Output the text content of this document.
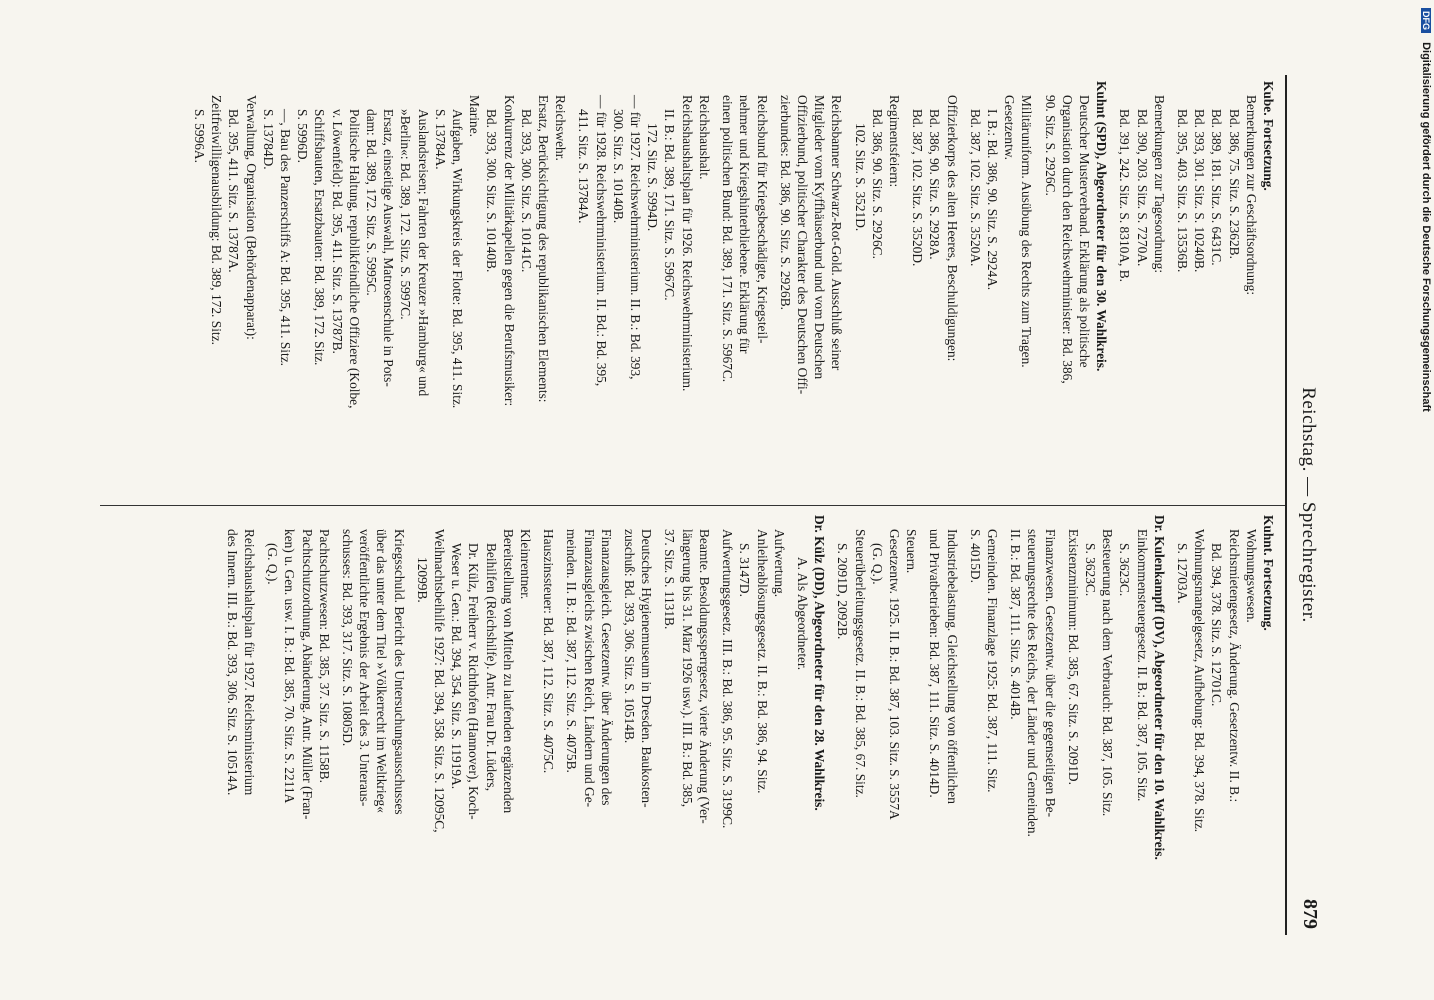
Reichstag. — Sprechregister.
879
Kube. Fortsetzung.
Bemerkungen zur Geschäftsordnung:
Bd. 386, 75. Sitz. S. 2362B.
Bd. 389, 181. Sitz. S. 6431C.
Bd. 393, 301. Sitz. S. 10240B.
Bd. 395, 403. Sitz. S. 13536B.
Bemerkungen zur Tagesordnung:
Bd. 390, 203. Sitz. S. 7270A.
Bd. 391, 242. Sitz. S. 8310A, B.
Kuhnt (SPD), Abgeordneter für den 30. Wahlkreis.
Deutscher Musterverband. Erklärung als politische
Organisation durch den Reichswehrminister: Bd. 386,
90. Sitz. S. 2926C.
Militäruniform. Ausübung des Rechts zum Tragen.
Gesetzentw.
I. B.: Bd. 386, 90. Sitz. S. 2924A.
Bd. 387, 102. Sitz. S. 3520A.
Offizierkorps des alten Heeres, Beschuldigungen:
Bd. 386, 90. Sitz. S. 2928A.
Bd. 387, 102. Sitz. S. 3520D.
Regimentsfeiern:
Bd. 386, 90. Sitz. S. 2926C.
102. Sitz. S. 3521D.
Reichsbanner Schwarz-Rot-Gold. Ausschluß seiner
Mitglieder vom Kyffhäuserbund und vom Deutschen
Offizierbund, politischer Charakter des Deutschen Offi-
zierbundes: Bd. 386, 90. Sitz. S. 2926B.
Reichsbund für Kriegsbeschädigte, Kriegsteil-
nehmer und Kriegshinterbliebene. Erklärung für
einen politischen Bund: Bd. 389, 171. Sitz. S. 5967C.
Reichshaushalt.
Reichshaushaltsplan für 1926. Reichswehrministerium.
II. B.: Bd. 389, 171. Sitz. S. 5967C.
172. Sitz. S. 5994D.
— für 1927. Reichswehrministerium. II. B.: Bd. 393,
300. Sitz. S. 10140B.
— für 1928. Reichswehrministerium. II. Bd.: Bd. 395,
411. Sitz. S. 13784A.
Reichswehr.
Ersatz, Berücksichtigung des republikanischen Elements:
Bd. 393, 300. Sitz. S. 10141C.
Konkurrenz der Militärkapellen gegen die Berufsmusiker:
Bd. 393, 300. Sitz. S. 10140B.
Marine.
Aufgaben, Wirkungskreis der Flotte: Bd. 395, 411. Sitz.
S. 13784A.
Auslandsreisen; Fahrten der Kreuzer »Hamburg« und
»Berlin«: Bd. 389, 172. Sitz. S. 5997C.
Ersatz, einseitige Auswahl, Matrosenschule in Pots-
dam: Bd. 389, 172. Sitz. S. 5995C.
Politische Haltung, republikfeindliche Offiziere (Kolbe,
v. Löwenfeld): Bd. 395, 411. Sitz. S. 13787B.
Schiffsbauten, Ersatzbauten: Bd. 389, 172. Sitz.
S. 5996D.
—, Bau des Panzerschiffs A: Bd. 395, 411. Sitz.
S. 13784D.
Verwaltung, Organisation (Behördenapparat):
Bd. 395, 411. Sitz. S. 13787A.
Zeitfreiwilligenausbildung: Bd. 389, 172. Sitz.
S. 5996A.
Kuhnt. Fortsetzung.
Wohnungswesen.
Reichsmietengesetz, Änderung. Gesetzentw. II. B.:
Bd. 394, 378. Sitz. S. 12701C.
Wohnungsmangelgesetz, Aufhebung: Bd. 394, 378. Sitz.
S. 12703A.
Dr. Kulenkampff (DV), Abgeordneter für den 10. Wahlkreis.
Einkommensteuergesetz. II. B.: Bd. 387, 105. Sitz.
S. 3623C.
Besteuerung nach dem Verbrauch: Bd. 387, 105. Sitz.
S. 3623C.
Existenzminimum: Bd. 385, 67. Sitz. S. 2091D.
Finanzwesen. Gesetzentw. über die gegenseitigen Be-
steuerungsrechte des Reichs, der Länder und Gemeinden.
II. B.: Bd. 387, 111. Sitz. S. 4014B.
Gemeinden. Finanzlage 1925: Bd. 387, 111. Sitz.
S. 4015D.
Industriebelastung. Gleichstellung von öffentlichen
und Privatbetrieben: Bd. 387, 111. Sitz. S. 4014D.
Steuern.
Gesetzentw. 1925. II. B.: Bd. 387, 103. Sitz. S. 3557A
(G. Q.).
Steuerüberleitungsgesetz. II. B.: Bd. 385, 67. Sitz.
S. 2091D, 2092B.
Dr. Külz (DD), Abgeordneter für den 28. Wahlkreis.
A. Als Abgeordneter.
Aufwertung.
Anleiheablösungsgesetz. II. B.: Bd. 386, 94. Sitz.
S. 3147D.
Aufwertungsgesetz. III. B.: Bd. 386, 95. Sitz. S. 3199C.
Beamte. Besoldungssperrgesetz, vierte Änderung (Ver-
längerung bis 31. März 1926 usw.). III. B.: Bd. 385,
37. Sitz. S. 1131B.
Deutsches Hygienemuseum in Dresden. Baukosten-
zuschuß: Bd. 393, 306. Sitz. S. 10514B.
Finanzausgleich. Gesetzentw. über Änderungen des
Finanzausgleichs zwischen Reich, Ländern und Ge-
meinden. II. B.: Bd. 387, 112. Sitz. S. 4075B.
Hauszinssteuer: Bd. 387, 112. Sitz. S. 4075C.
Kleinrentner.
Bereitstellung von Mitteln zu laufenden ergänzenden
Beihilfen (Reichshilfe). Antr. Frau Dr. Lüders,
Dr. Külz, Freiherr v. Richthofen (Hannover), Koch-
Weser u. Gen.: Bd. 394, 354. Sitz. S. 11919A.
Weihnachtsbeihilfe 1927: Bd. 394, 358. Sitz. S. 12095C,
12099B.
Kriegsschuld. Bericht des Untersuchungsausschusses
über das unter dem Titel »Völkerrecht im Weltkrieg«
veröffentlichte Ergebnis der Arbeit des 3. Unteraus-
schusses: Bd. 393, 317. Sitz. S. 10805D.
Pachtschutzwesen: Bd. 385, 37. Sitz. S. 1158B.
Pachtschutzordnung, Abänderung. Antr. Müller (Fran-
ken) u. Gen. usw. I. B.: Bd. 385, 70. Sitz. S. 2211A
(G. Q.).
Reichshaushaltsplan für 1927. Reichsministerium
des Innern. III. B.: Bd. 393, 306. Sitz. S. 10514A.
DFG Digitalisierung gefördert durch die Deutsche Forschungsgemeinschaft
